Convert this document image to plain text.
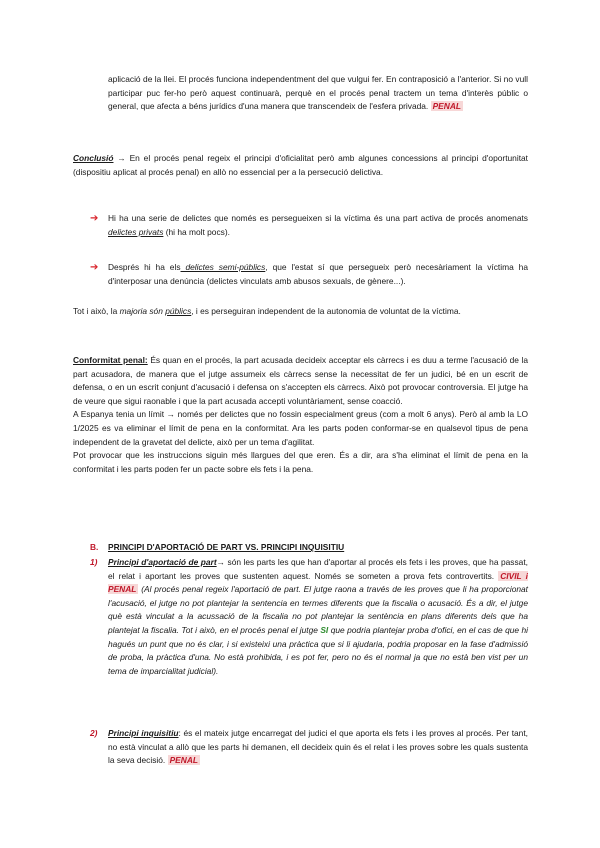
aplicació de la llei. El procés funciona independentment del que vulgui fer. En contraposició a l'anterior. Si no vull participar puc fer-ho però aquest continuarà, perquè en el procés penal tractem un tema d'interès públic o general, que afecta a béns jurídics d'una manera que transcendeix de l'esfera privada. PENAL

Conclusió → En el procés penal regeix el principi d'oficialitat però amb algunes concessions al principi d'oportunitat (dispositiu aplicat al procés penal) en allò no essencial per a la persecució delictiva.

➔ Hi ha una serie de delictes que només es persegueixen si la víctima és una part activa de procés anomenats delictes privats (hi ha molt pocs).

➔ Després hi ha els delictes semi-públics, que l'estat sí que persegueix però necesàriament la víctima ha d'interposar una denúncia (delictes vinculats amb abusos sexuals, de gènere...).

Tot i això, la majoria són públics, i es perseguiran independent de la autonomia de voluntat de la víctima.

Conformitat penal: És quan en el procés, la part acusada decideix acceptar els càrrecs i es duu a terme l'acusació de la part acusadora, de manera que el jutge assumeix els càrrecs sense la necessitat de fer un judici, bé en un escrit de defensa, o en un escrit conjunt d'acusació i defensa on s'accepten els càrrecs. Això pot provocar controversia. El jutge ha de veure que sigui raonable i que la part acusada accepti voluntàriament, sense coacció.

A Espanya tenia un límit → només per delictes que no fossin especialment greus (com a molt 6 anys). Però al amb la LO 1/2025 es va eliminar el límit de pena en la conformitat. Ara les parts poden conformar-se en qualsevol tipus de pena independent de la gravetat del delicte, això per un tema d'agilitat.

Pot provocar que les instruccions siguin més llargues del que eren. És a dir, ara s'ha eliminat el límit de pena en la conformitat i les parts poden fer un pacte sobre els fets i la pena.

B. PRINCIPI D'APORTACIÓ DE PART VS. PRINCIPI INQUISITIU

1) Principi d'aportació de part→ són les parts les que han d'aportar al procés els fets i les proves, que ha passat, el relat i aportant les proves que sustenten aquest. Només se someten a prova fets controvertits. CIVIL i PENAL (Al procés penal regeix l'aportació de part. El jutge raona a través de les proves que li ha proporcionat l'acusació, el jutge no pot plantejar la sentencia en termes diferents que la fiscalia o acusació. És a dir, el jutge què està vinculat a la acussació de la fiscalia no pot plantejar la sentència en plans diferents dels que ha plantejat la fiscalia. Tot i això, en el procés penal el jutge SI que podria plantejar proba d'ofici, en el cas de que hi hagués un punt que no és clar, i si existeixi una pràctica que si li ajudaria, podria proposar en la fase d'admissió de proba, la pràctica d'una. No està prohibida, i es pot fer, pero no és el normal ja que no està ben vist per un tema de imparcialitat judicial).

2) Principi inquisitiu: és el mateix jutge encarregat del judici el que aporta els fets i les proves al procés. Per tant, no està vinculat a allò que les parts hi demanen, ell decideix quin és el relat i les proves sobre les quals sustenta la seva decisió. PENAL
